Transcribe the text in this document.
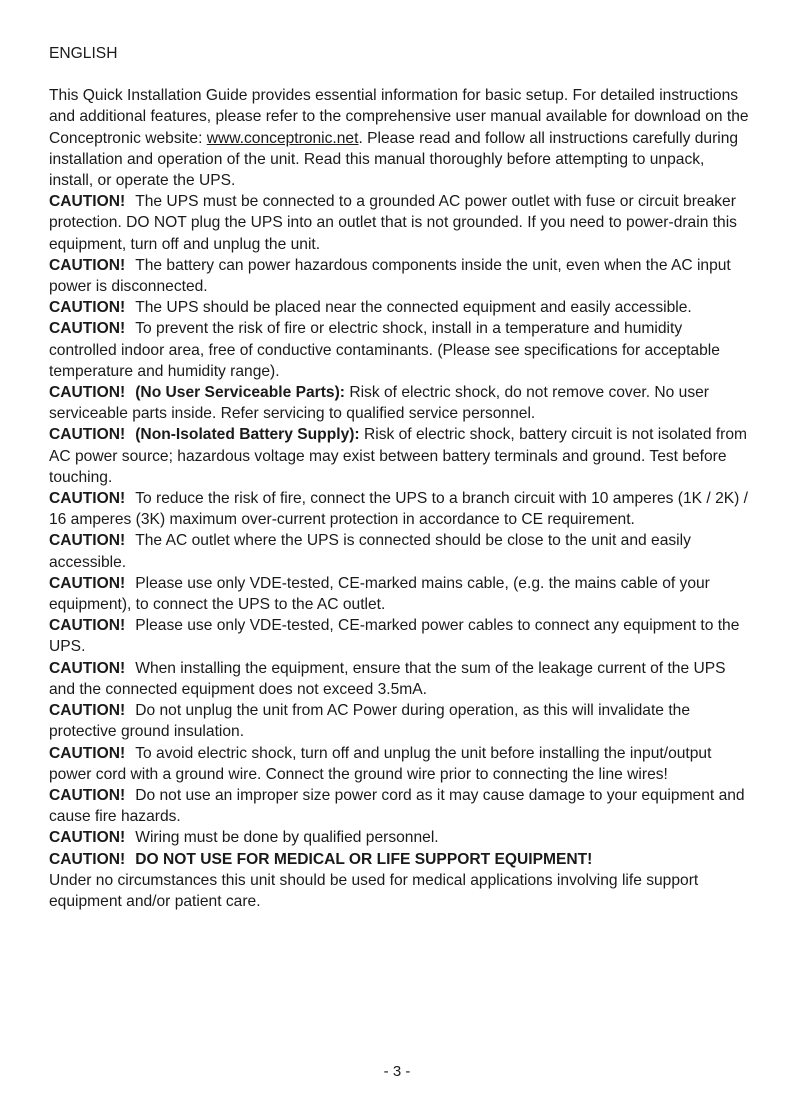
ENGLISH

This Quick Installation Guide provides essential information for basic setup. For detailed instructions and additional features, please refer to the comprehensive user manual available for download on the Conceptronic website: www.conceptronic.net. Please read and follow all instructions carefully during installation and operation of the unit. Read this manual thoroughly before attempting to unpack, install, or operate the UPS.

CAUTION! The UPS must be connected to a grounded AC power outlet with fuse or circuit breaker protection. DO NOT plug the UPS into an outlet that is not grounded. If you need to power-drain this equipment, turn off and unplug the unit.

CAUTION! The battery can power hazardous components inside the unit, even when the AC input power is disconnected.

CAUTION! The UPS should be placed near the connected equipment and easily accessible.

CAUTION! To prevent the risk of fire or electric shock, install in a temperature and humidity controlled indoor area, free of conductive contaminants. (Please see specifications for acceptable temperature and humidity range).

CAUTION! (No User Serviceable Parts): Risk of electric shock, do not remove cover. No user serviceable parts inside. Refer servicing to qualified service personnel.

CAUTION! (Non-Isolated Battery Supply): Risk of electric shock, battery circuit is not isolated from AC power source; hazardous voltage may exist between battery terminals and ground. Test before touching.

CAUTION! To reduce the risk of fire, connect the UPS to a branch circuit with 10 amperes (1K / 2K) / 16 amperes (3K) maximum over-current protection in accordance to CE requirement.

CAUTION! The AC outlet where the UPS is connected should be close to the unit and easily accessible.

CAUTION! Please use only VDE-tested, CE-marked mains cable, (e.g. the mains cable of your equipment), to connect the UPS to the AC outlet.

CAUTION! Please use only VDE-tested, CE-marked power cables to connect any equipment to the UPS.

CAUTION! When installing the equipment, ensure that the sum of the leakage current of the UPS and the connected equipment does not exceed 3.5mA.

CAUTION! Do not unplug the unit from AC Power during operation, as this will invalidate the protective ground insulation.

CAUTION! To avoid electric shock, turn off and unplug the unit before installing the input/output power cord with a ground wire. Connect the ground wire prior to connecting the line wires!

CAUTION! Do not use an improper size power cord as it may cause damage to your equipment and cause fire hazards.

CAUTION! Wiring must be done by qualified personnel.

CAUTION! DO NOT USE FOR MEDICAL OR LIFE SUPPORT EQUIPMENT!
Under no circumstances this unit should be used for medical applications involving life support equipment and/or patient care.

- 3 -
